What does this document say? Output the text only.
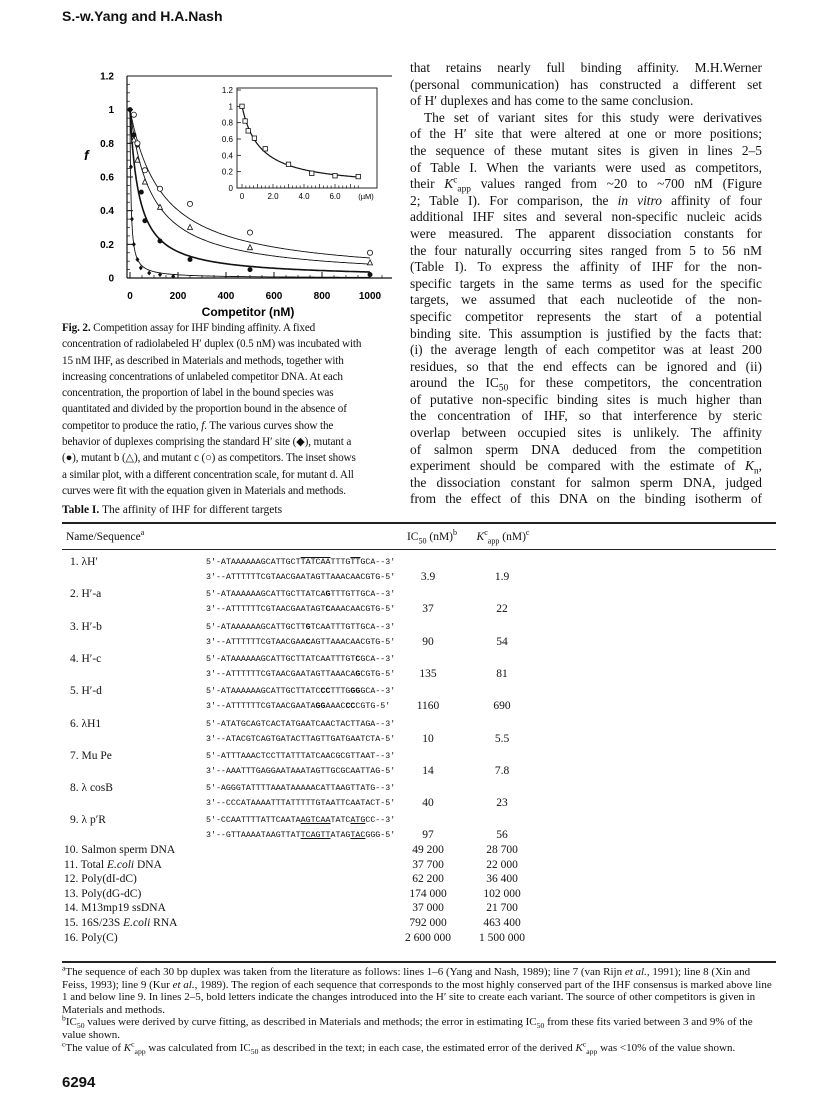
S.-w.Yang and H.A.Nash
0
0.2
0.4
0.6
0.8
1
1.2
0	200	400	600	800	1000
Competitor (nM)
f
0
0.2
0.4
0.6
0.8
1
1.2
0	2.0 4.0 6.0 (µM)
Fig. 2. Competition assay for IHF binding affinity. A fixed
concentration of radiolabeled H′ duplex (0.5 nM) was incubated with
15 nM IHF, as described in Materials and methods, together with
increasing concentrations of unlabeled competitor DNA. At each
concentration, the proportion of label in the bound species was
quantitated and divided by the proportion bound in the absence of
competitor to produce the ratio, f. The various curves show the
behavior of duplexes comprising the standard H′ site (◆), mutant a
(●), mutant b (△), and mutant c (○) as competitors. The inset shows
a similar plot, with a different concentration scale, for mutant d. All
curves were fit with the equation given in Materials and methods.
that retains nearly full binding affinity. M.H.Werner
(personal communication) has constructed a different set
of H′ duplexes and has come to the same conclusion.
The set of variant sites for this study were derivatives
of the H′ site that were altered at one or more positions;
the sequence of these mutant sites is given in lines 2–5
of Table I. When the variants were used as competitors,
their $K^c_{app}$ values ranged from ~20 to ~700 nM (Figure
2; Table I). For comparison, the in vitro affinity of four
additional IHF sites and several non-specific nucleic acids
were measured. The apparent dissociation constants for
the four naturally occurring sites ranged from 5 to 56 nM
(Table I). To express the affinity of IHF for the non-
specific targets in the same terms as used for the specific
targets, we assumed that each nucleotide of the non-
specific competitor represents the start of a potential
binding site. This assumption is justified by the facts that:
(i) the average length of each competitor was at least 200
residues, so that the end effects can be ignored and (ii)
around the $IC_{50}$ for these competitors, the concentration
of putative non-specific binding sites is much higher than
the concentration of IHF, so that interference by steric
overlap between occupied sites is unlikely. The affinity
of salmon sperm DNA deduced from the competition
experiment should be compared with the estimate of $K_n$,
the dissociation constant for salmon sperm DNA, judged
from the effect of this DNA on the binding isotherm of
Table I. The affinity of IHF for different targets
Name/Sequence$^a$	$IC_{50}$ (nM)$^b$	$K^c_{app}$ (nM)$^c$
1. λH′	$5'-ATAAAAAAGCATTGCTTATCAATTTG\overline{TT}GCA--3'$
3′--ATTTTTTCGTAACGAATAGTTAAACAACGTG-5′	3.9	1.9
2. H′-a	5′-ATAAAAAAGCATTGCTTATCAGTTTGTTGCA--3′
3′--ATTTTTTCGTAACGAATAGTCAAACAACGTG-5′	37	22
3. H′-b	5′-ATAAAAAAGCATTGCTTGTCAATTTGTTGCA--3′
3′--ATTTTTTCGTAACGAACAGTTAAACAACGTG-5′	90	54
4. H′-c	5′-ATAAAAAAGCATTGCTTATCAATTTGTCGCA--3′
3′--ATTTTTTCGTAACGAATAGTTAAACAGCGTG-5′	135	81
5. H′-d	5′-ATAAAAAAGCATTGCTTATCCCTTTGGGGCA--3′
3′--ATTTTTTCGTAACGAATAGGAAACCCCGTG-5′	1160	690
6. λH1	5′-ATATGCAGTCACTATGAATCAACTACTTAGA--3′
3′--ATACGTCAGTGATACTTAGTTGATGAATCTA-5′	10	5.5
7. Mu Pe	5′-ATTTAAACTCCTTATTTATCAACGCGTTAAT--3′
3′--AAATTTGAGGAATAAATAGTTGCGCAATTAG-5′	14	7.8
8. λ cosB	5′-AGGGTATTTTAAATAAAAACATTAAGTTATG--3′
3′--CCCATAAAATTTATTTTTGTAATTCAATACT-5′	40	23
9. λ p′R	5′-CCAATTTTATTCAATAAGTCAATATCATGCC--3′
3′--GTTAAAATAAGTTATTCAGTTATAGTACGGG-5′	97	56
10. Salmon sperm DNA	49 200	28 700
11. Total E.coli DNA	37 700	22 000
12. Poly(dI-dC)	62 200	36 400
13. Poly(dG-dC)	174 000	102 000
14. M13mp19 ssDNA	37 000	21 700
15. 16S/23S E.coli RNA	792 000	463 400
16. Poly(C)	2 600 000	1 500 000
$^a$The sequence of each 30 bp duplex was taken from the literature as follows: lines 1–6 (Yang and Nash, 1989); line 7 (van Rijn et al., 1991); line 8 (Xin and Feiss, 1993); line 9 (Kur et al., 1989). The region of each sequence that corresponds to the most highly conserved part of the IHF consensus is marked above line 1 and below line 9. In lines 2–5, bold letters indicate the changes introduced into the H′ site to create each variant. The source of other competitors is given in Materials and methods.
$^bIC_{50}$ values were derived by curve fitting, as described in Materials and methods; the error in estimating $IC_{50}$ from these fits varied between 3 and 9% of the value shown.
$^c$The value of $K^c_{app}$ was calculated from $IC_{50}$ as described in the text; in each case, the estimated error of the derived $K^c_{app}$ was <10% of the value shown.
6294
